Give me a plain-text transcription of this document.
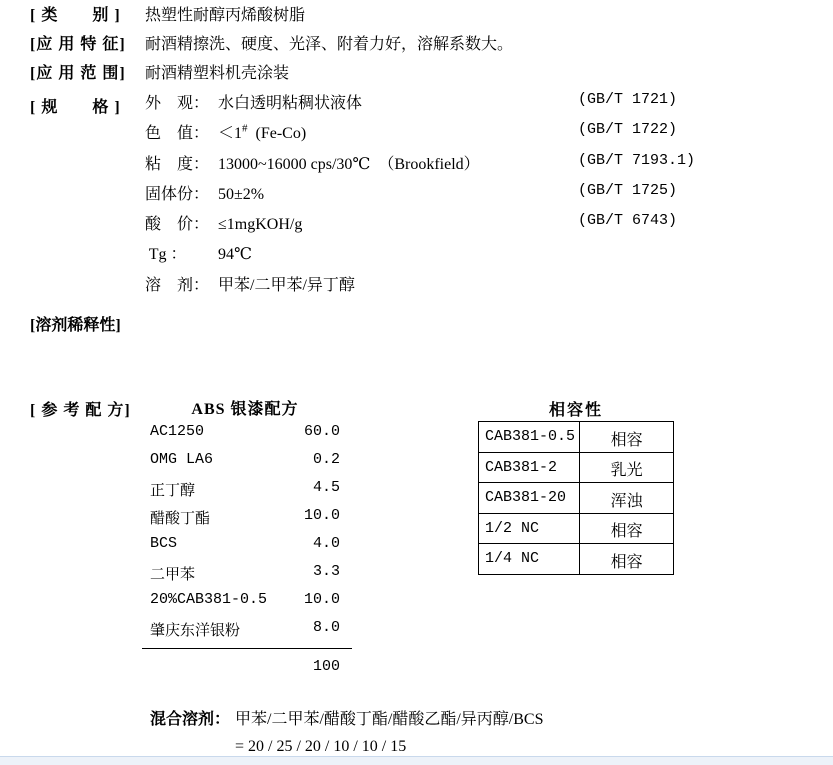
[ 类　　别 ]	热塑性耐醇丙烯酸树脂
[应 用 特 征]	耐酒精擦洗、硬度、光泽、附着力好，溶解系数大。
[应 用 范 围]	耐酒精塑料机壳涂装
[ 规　　格 ] 外　观： 水白透明粘稠状液体	(GB/T 1721)
色　值： ＜1#  (Fe-Co)	(GB/T 1722)
粘　度： 13000~16000 cps/30℃　（Brookfield）	(GB/T 7193.1)
固体份： 50±2%	(GB/T 1725)
酸　价： ≤1mgKOH/g	(GB/T 6743)
Tg ： 94℃
溶　剂： 甲苯/二甲苯/异丁醇
[溶剂稀释性]
[ 参 考 配 方]	ABS 银漆配方
AC1250	60.0
OMG LA6	0.2
正丁醇	4.5
醋酸丁酯	10.0
BCS	4.0
二甲苯	3.3
20%CAB381-0.5 10.0
肇庆东洋银粉	8.0
100
相容性
CAB381-0.5	相容
CAB381-2	乳光
CAB381-20	浑浊
1/2 NC	相容
1/4 NC	相容
混合溶剂： 甲苯/二甲苯/醋酸丁酯/醋酸乙酯/异丙醇/BCS
= 20 / 25 / 20 / 10 / 10 / 15
